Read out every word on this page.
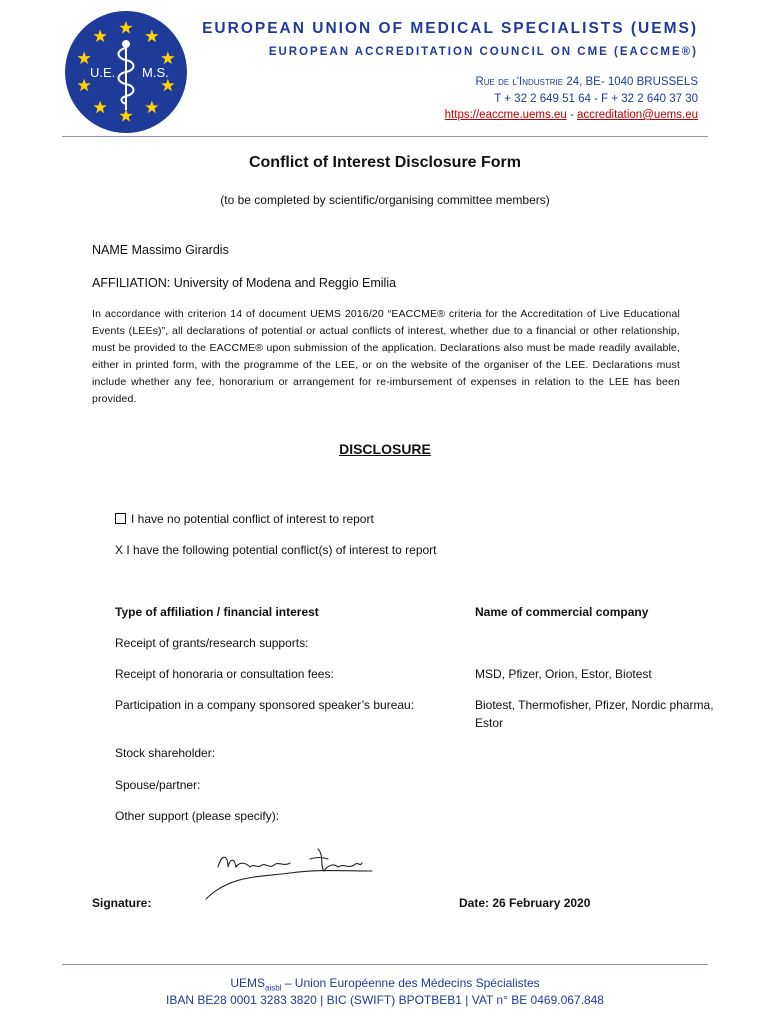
U.E. M.S.
EUROPEAN UNION OF MEDICAL SPECIALISTS (UEMS)
EUROPEAN ACCREDITATION COUNCIL ON CME (EACCME®)
Rue de l'Industrie 24, BE- 1040 BRUSSELS
T + 32 2 649 51 64 - F + 32 2 640 37 30
https://eaccme.uems.eu - accreditation@uems.eu
Conflict of Interest Disclosure Form
(to be completed by scientific/organising committee members)
NAME Massimo Girardis
AFFILIATION: University of Modena and Reggio Emilia
In accordance with criterion 14 of document UEMS 2016/20 “EACCME® criteria for the Accreditation of Live Educational Events (LEEs)”, all declarations of potential or actual conflicts of interest, whether due to a financial or other relationship, must be provided to the EACCME® upon submission of the application. Declarations also must be made readily available, either in printed form, with the programme of the LEE, or on the website of the organiser of the LEE. Declarations must include whether any fee, honorarium or arrangement for re-imbursement of expenses in relation to the LEE has been provided.
DISCLOSURE
I have no potential conflict of interest to report
X I have the following potential conflict(s) of interest to report
Type of affiliation / financial interest	Name of commercial company
Receipt of grants/research supports:
Receipt of honoraria or consultation fees:	MSD, Pfizer, Orion, Estor, Biotest
Participation in a company sponsored speaker’s bureau:	Biotest, Thermofisher, Pfizer, Nordic pharma,
Estor
Stock shareholder:
Spouse/partner:
Other support (please specify):
Signature:	Date: 26 February 2020
$UEMS_{aisbl}$ – Union Européenne des Médecins Spécialistes
IBAN BE28 0001 3283 3820 | BIC (SWIFT) BPOTBEB1 | VAT n° BE 0469.067.848
